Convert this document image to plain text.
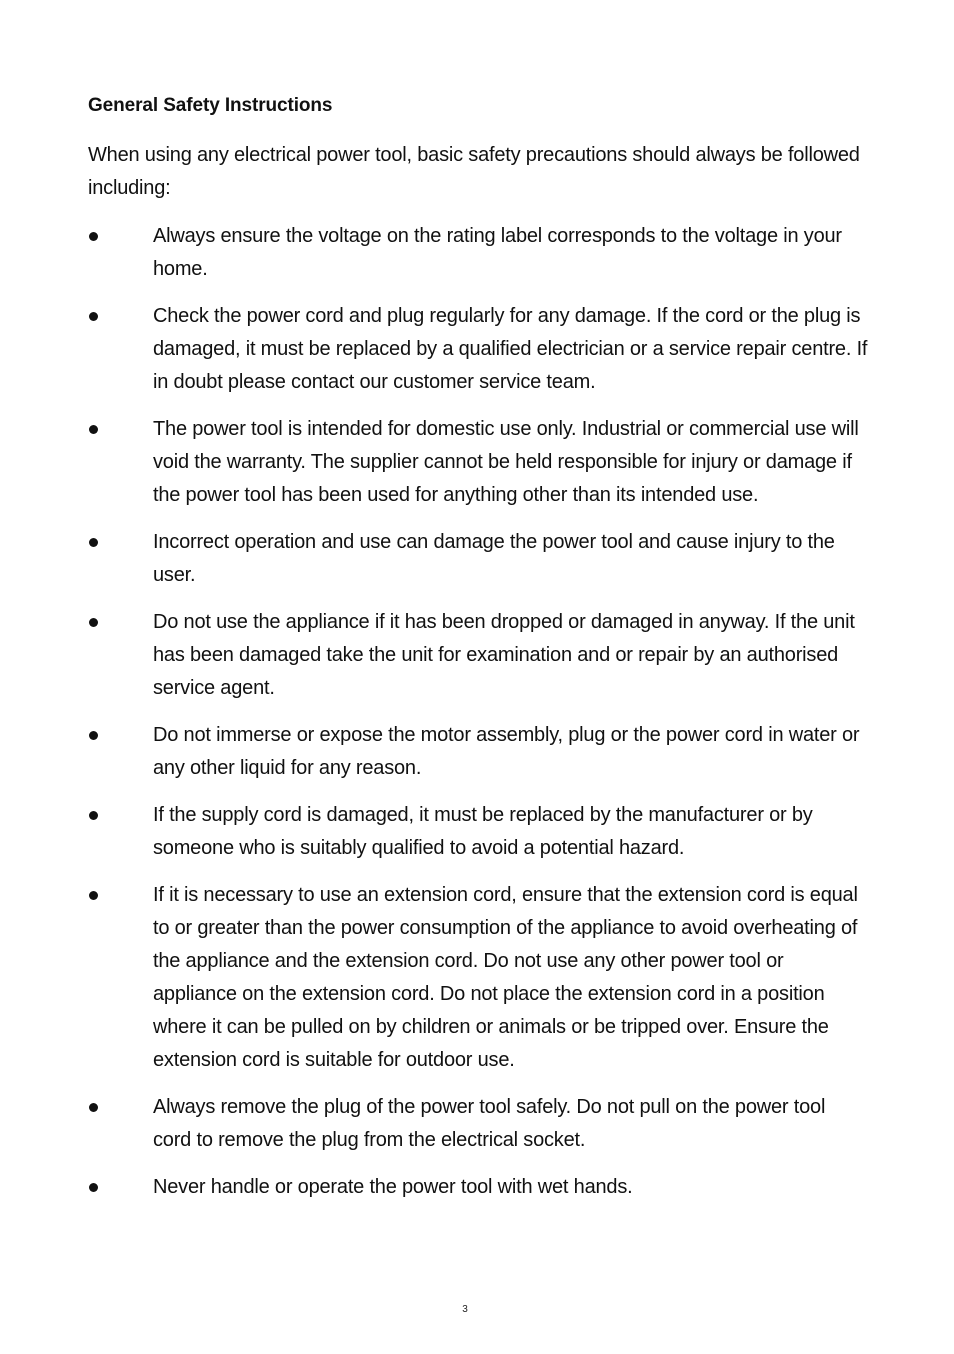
General Safety Instructions
When using any electrical power tool, basic safety precautions should always be followed including:
Always ensure the voltage on the rating label corresponds to the voltage in your home.
Check the power cord and plug regularly for any damage. If the cord or the plug is damaged, it must be replaced by a qualified electrician or a service repair centre. If in doubt please contact our customer service team.
The power tool is intended for domestic use only. Industrial or commercial use will void the warranty. The supplier cannot be held responsible for injury or damage if the power tool has been used for anything other than its intended use.
Incorrect operation and use can damage the power tool and cause injury to the user.
Do not use the appliance if it has been dropped or damaged in anyway. If the unit has been damaged take the unit for examination and or repair by an authorised service agent.
Do not immerse or expose the motor assembly, plug or the power cord in water or any other liquid for any reason.
If the supply cord is damaged, it must be replaced by the manufacturer or by someone who is suitably qualified to avoid a potential hazard.
If it is necessary to use an extension cord, ensure that the extension cord is equal to or greater than the power consumption of the appliance to avoid overheating of the appliance and the extension cord. Do not use any other power tool or appliance on the extension cord. Do not place the extension cord in a position where it can be pulled on by children or animals or be tripped over. Ensure the extension cord is suitable for outdoor use.
Always remove the plug of the power tool safely. Do not pull on the power tool cord to remove the plug from the electrical socket.
Never handle or operate the power tool with wet hands.
3
